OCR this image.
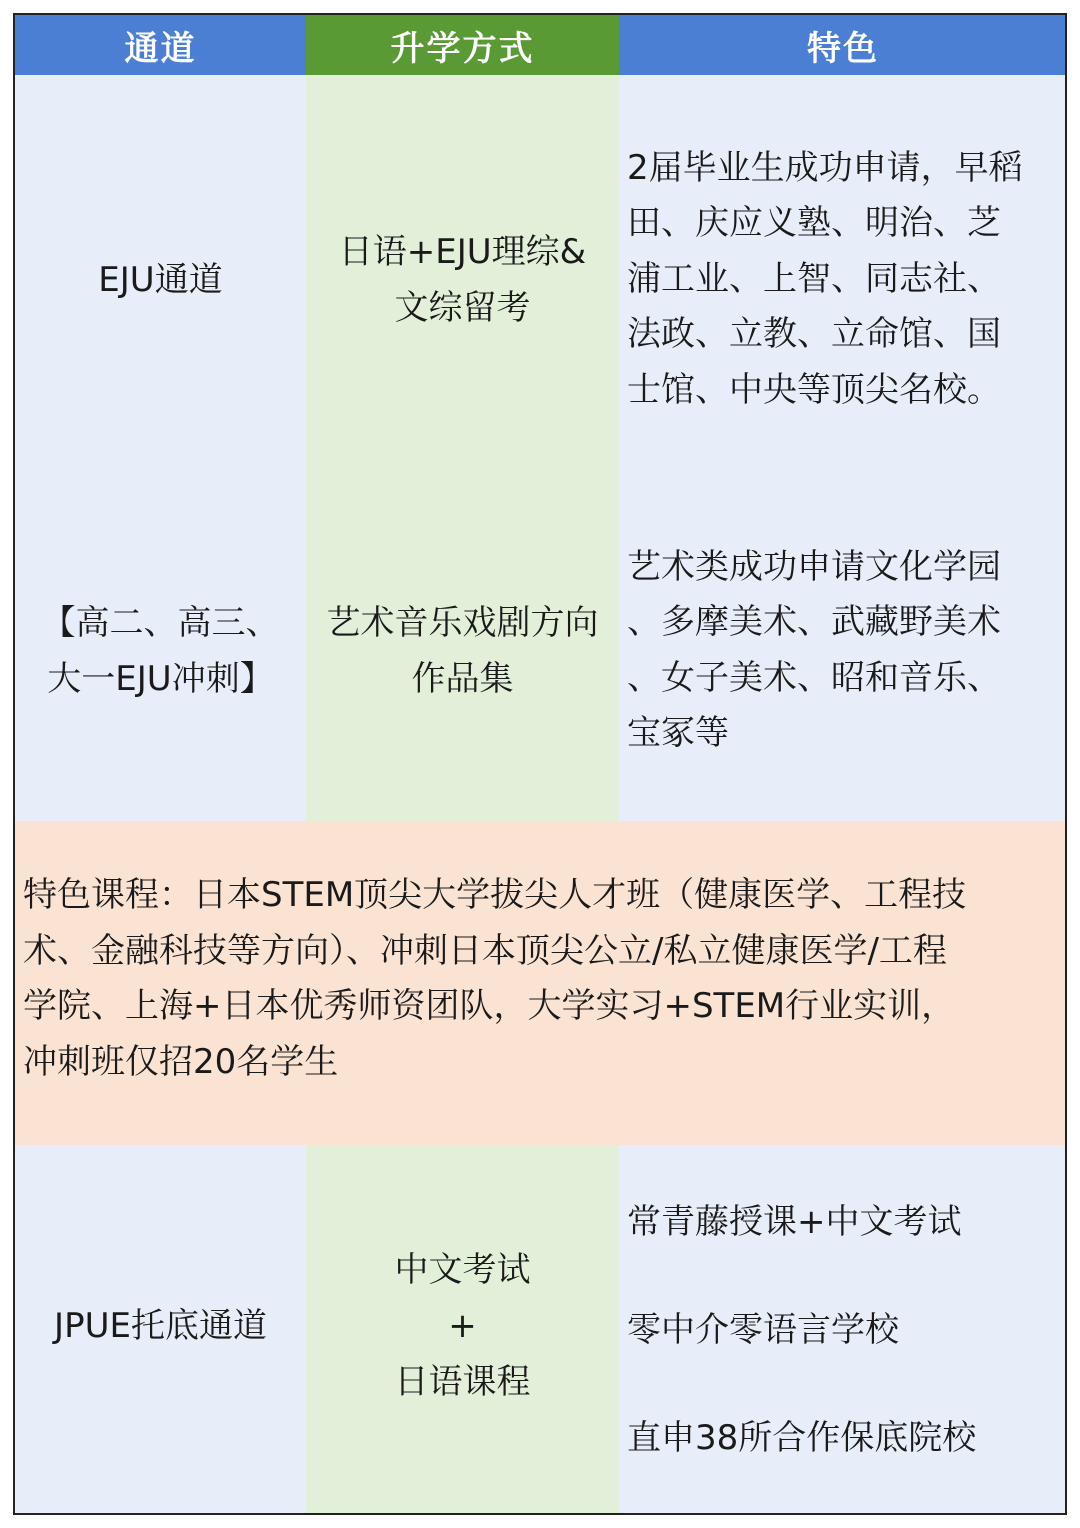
通道	升学方式	特色
EJU通道
日语+EJU理综&
文综留考
2届毕业生成功申请，早稻
田、庆应义塾、明治、芝
浦工业、上智、同志社、
法政、立教、立命馆、国
士馆、中央等顶尖名校。
【高二、高三、
大一EJU冲刺】
艺术音乐戏剧方向
作品集
艺术类成功申请文化学园
、多摩美术、武藏野美术
、女子美术、昭和音乐、
宝冢等
特色课程：日本STEM顶尖大学拔尖人才班（健康医学、工程技
术、金融科技等方向）、冲刺日本顶尖公立/私立健康医学/工程
学院、上海+日本优秀师资团队，大学实习+STEM行业实训，
冲刺班仅招20名学生
JPUE托底通道
中文考试
+
日语课程
常青藤授课+中文考试
零中介零语言学校
直申38所合作保底院校
